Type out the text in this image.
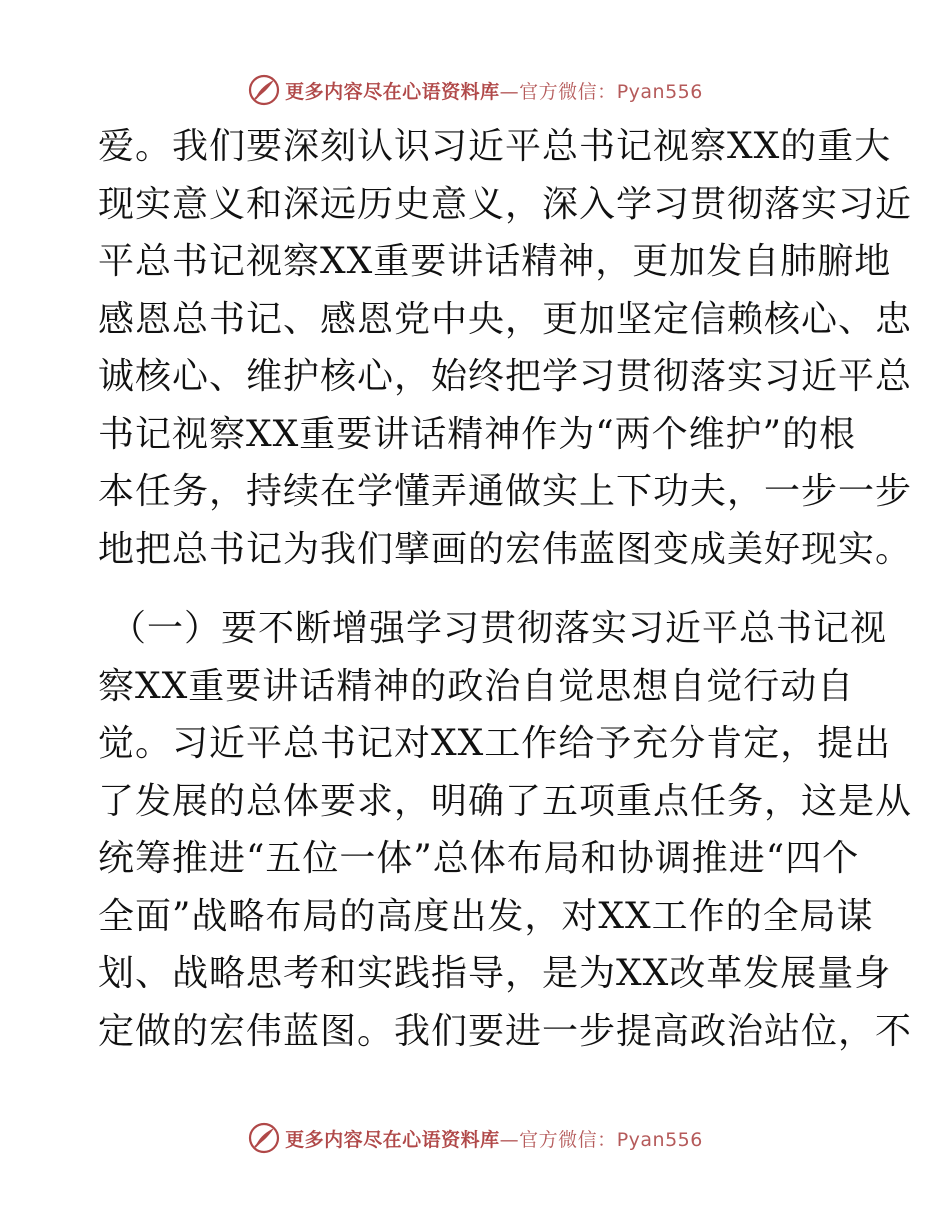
更多内容尽在心语资料库—官方微信：Pyan556
爱。我们要深刻认识习近平总书记视察XX的重大
现实意义和深远历史意义，深入学习贯彻落实习近
平总书记视察XX重要讲话精神，更加发自肺腑地
感恩总书记、感恩党中央，更加坚定信赖核心、忠
诚核心、维护核心，始终把学习贯彻落实习近平总
书记视察XX重要讲话精神作为“两个维护”的根
本任务，持续在学懂弄通做实上下功夫，一步一步
地把总书记为我们擘画的宏伟蓝图变成美好现实。
（一）要不断增强学习贯彻落实习近平总书记视
察XX重要讲话精神的政治自觉思想自觉行动自
觉。习近平总书记对XX工作给予充分肯定，提出
了发展的总体要求，明确了五项重点任务，这是从
统筹推进“五位一体”总体布局和协调推进“四个
全面”战略布局的高度出发，对XX工作的全局谋
划、战略思考和实践指导，是为XX改革发展量身
定做的宏伟蓝图。我们要进一步提高政治站位，不
更多内容尽在心语资料库—官方微信：Pyan556
